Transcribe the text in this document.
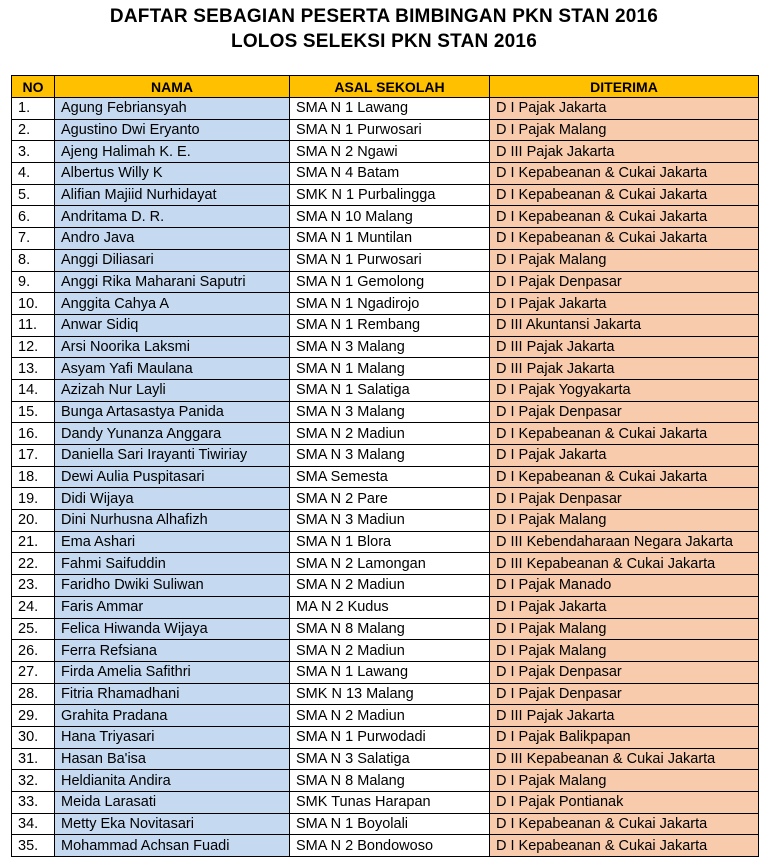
DAFTAR SEBAGIAN PESERTA BIMBINGAN PKN STAN 2016
LOLOS SELEKSI PKN STAN 2016
NO	NAMA	ASAL SEKOLAH	DITERIMA
1.	Agung Febriansyah	SMA N 1 Lawang	D I Pajak Jakarta
2.	Agustino Dwi Eryanto	SMA N 1 Purwosari	D I Pajak Malang
3.	Ajeng Halimah K. E.	SMA N 2 Ngawi	D III Pajak Jakarta
4.	Albertus Willy K	SMA N 4 Batam	D I Kepabeanan & Cukai Jakarta
5.	Alifian Majiid Nurhidayat	SMK N 1 Purbalingga	D I Kepabeanan & Cukai Jakarta
6.	Andritama D. R.	SMA N 10 Malang	D I Kepabeanan & Cukai Jakarta
7.	Andro Java	SMA N 1 Muntilan	D I Kepabeanan & Cukai Jakarta
8.	Anggi Diliasari	SMA N 1 Purwosari	D I Pajak Malang
9.	Anggi Rika Maharani Saputri	SMA N 1 Gemolong	D I Pajak Denpasar
10.	Anggita Cahya A	SMA N 1 Ngadirojo	D I Pajak Jakarta
11.	Anwar Sidiq	SMA N 1 Rembang	D III Akuntansi Jakarta
12.	Arsi Noorika Laksmi	SMA N 3 Malang	D III Pajak Jakarta
13.	Asyam Yafi Maulana	SMA N 1 Malang	D III Pajak Jakarta
14.	Azizah Nur Layli	SMA N 1 Salatiga	D I Pajak Yogyakarta
15.	Bunga Artasastya Panida	SMA N 3 Malang	D I Pajak Denpasar
16.	Dandy Yunanza Anggara	SMA N 2 Madiun	D I Kepabeanan & Cukai Jakarta
17.	Daniella Sari Irayanti Tiwiriay	SMA N 3 Malang	D I Pajak Jakarta
18.	Dewi Aulia Puspitasari	SMA Semesta	D I Kepabeanan & Cukai Jakarta
19.	Didi Wijaya	SMA N 2 Pare	D I Pajak Denpasar
20.	Dini Nurhusna Alhafizh	SMA N 3 Madiun	D I Pajak Malang
21.	Ema Ashari	SMA N 1 Blora	D III Kebendaharaan Negara Jakarta
22.	Fahmi Saifuddin	SMA N 2 Lamongan	D III Kepabeanan & Cukai Jakarta
23.	Faridho Dwiki Suliwan	SMA N 2 Madiun	D I Pajak Manado
24.	Faris Ammar	MA N 2 Kudus	D I Pajak Jakarta
25.	Felica Hiwanda Wijaya	SMA N 8 Malang	D I Pajak Malang
26.	Ferra Refsiana	SMA N 2 Madiun	D I Pajak Malang
27.	Firda Amelia Safithri	SMA N 1 Lawang	D I Pajak Denpasar
28.	Fitria Rhamadhani	SMK N 13 Malang	D I Pajak Denpasar
29.	Grahita Pradana	SMA N 2 Madiun	D III Pajak Jakarta
30.	Hana Triyasari	SMA N 1 Purwodadi	D I Pajak Balikpapan
31.	Hasan Ba'isa	SMA N 3 Salatiga	D III Kepabeanan & Cukai Jakarta
32.	Heldianita Andira	SMA N 8 Malang	D I Pajak Malang
33.	Meida Larasati	SMK Tunas Harapan	D I Pajak Pontianak
34.	Metty Eka Novitasari	SMA N 1 Boyolali	D I Kepabeanan & Cukai Jakarta
35.	Mohammad Achsan Fuadi	SMA N 2 Bondowoso	D I Kepabeanan & Cukai Jakarta
